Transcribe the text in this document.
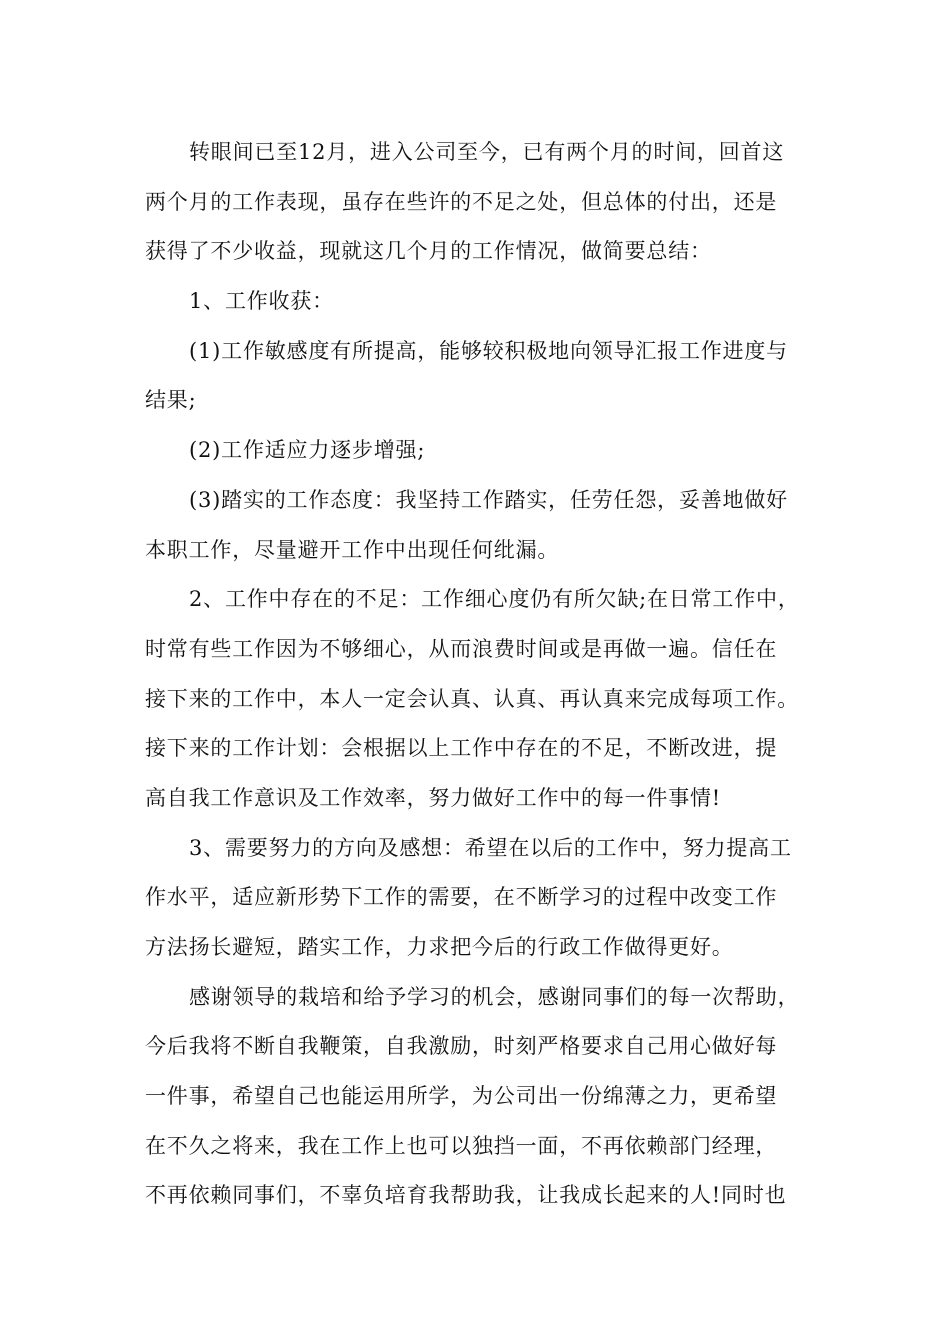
转眼间已至12月，进入公司至今，已有两个月的时间，回首这
两个月的工作表现，虽存在些许的不足之处，但总体的付出，还是
获得了不少收益，现就这几个月的工作情况，做简要总结：
1、工作收获：
(1)工作敏感度有所提高，能够较积极地向领导汇报工作进度与
结果;
(2)工作适应力逐步增强;
(3)踏实的工作态度：我坚持工作踏实，任劳任怨，妥善地做好
本职工作，尽量避开工作中出现任何纰漏。
2、工作中存在的不足：工作细心度仍有所欠缺;在日常工作中，
时常有些工作因为不够细心，从而浪费时间或是再做一遍。信任在
接下来的工作中，本人一定会认真、认真、再认真来完成每项工作。
接下来的工作计划：会根据以上工作中存在的不足，不断改进，提
高自我工作意识及工作效率，努力做好工作中的每一件事情!
3、需要努力的方向及感想：希望在以后的工作中，努力提高工
作水平，适应新形势下工作的需要，在不断学习的过程中改变工作
方法扬长避短，踏实工作，力求把今后的行政工作做得更好。
感谢领导的栽培和给予学习的机会，感谢同事们的每一次帮助，
今后我将不断自我鞭策，自我激励，时刻严格要求自己用心做好每
一件事，希望自己也能运用所学，为公司出一份绵薄之力，更希望
在不久之将来，我在工作上也可以独挡一面，不再依赖部门经理，
不再依赖同事们，不辜负培育我帮助我，让我成长起来的人!同时也
